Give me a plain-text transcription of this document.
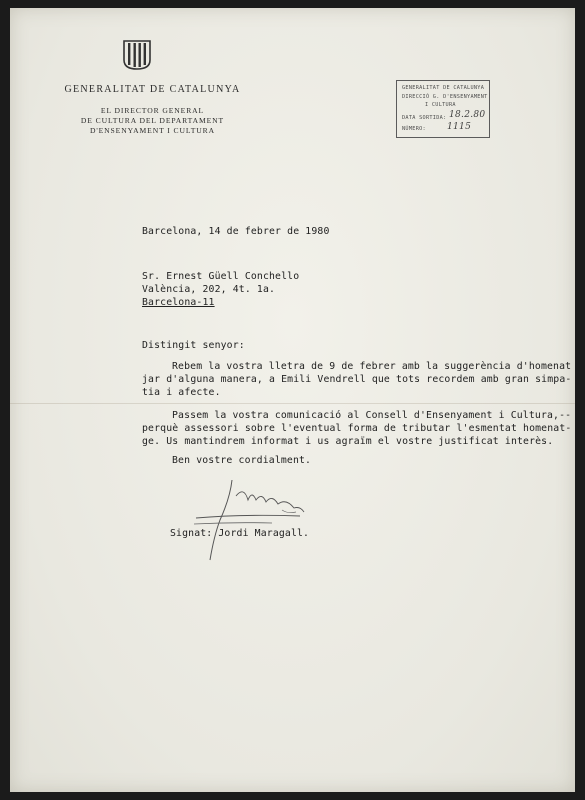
GENERALITAT DE CATALUNYA
EL DIRECTOR GENERAL
DE CULTURA DEL DEPARTAMENT
D'ENSENYAMENT I CULTURA
GENERALITAT DE CATALUNYA
DIRECCIÓ G. D'ENSENYAMENT
I CULTURA
DATA SORTIDA: 18.2.80
NÚMERO: 1115
Barcelona, 14 de febrer de 1980
Sr. Ernest Güell Conchello
València, 202, 4t. 1a.
Barcelona-11
Distingit senyor:
Rebem la vostra lletra de 9 de febrer amb la suggerència d'homenat
jar d'alguna manera, a Emili Vendrell que tots recordem amb gran simpa-
tia i afecte.
Passem la vostra comunicació al Consell d'Ensenyament i Cultura,--
perquè assessori sobre l'eventual forma de tributar l'esmentat homenat-
ge. Us mantindrem informat i us agraïm el vostre justificat interès.
Ben vostre cordialment.
Signat: Jordi Maragall.
